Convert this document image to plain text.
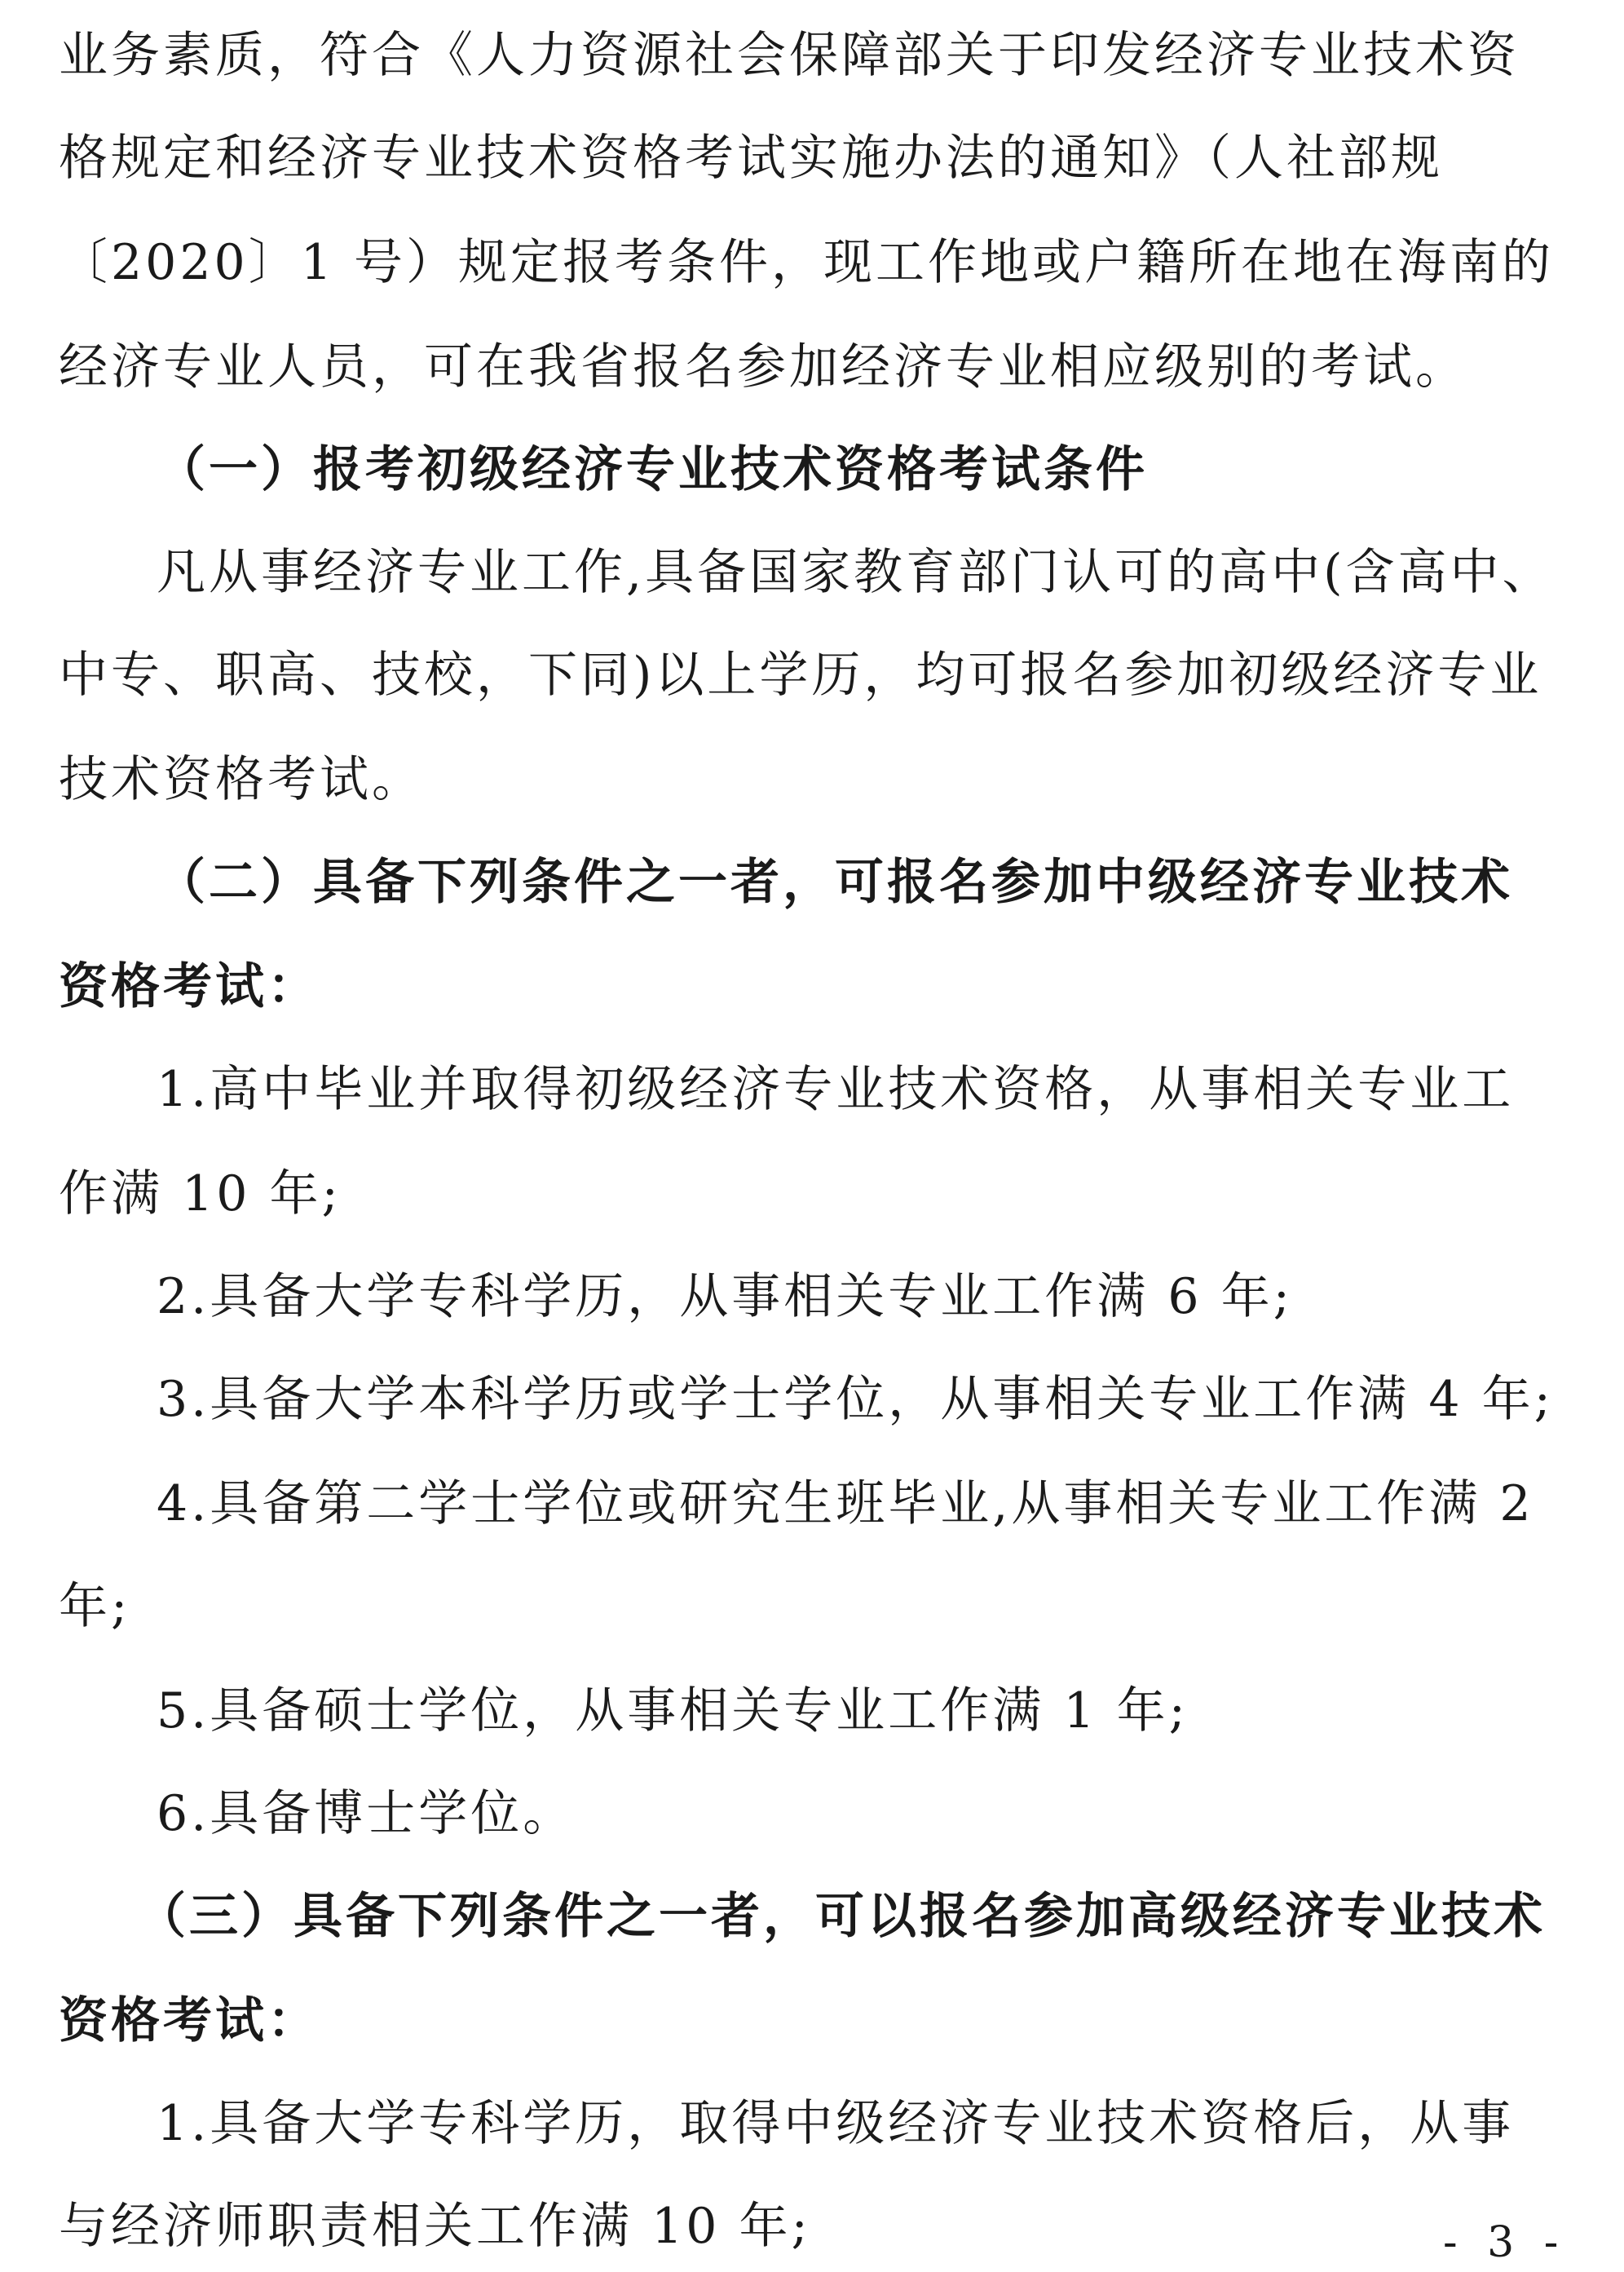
业务素质，符合《人力资源社会保障部关于印发经济专业技术资
格规定和经济专业技术资格考试实施办法的通知》（人社部规
〔2020〕1 号）规定报考条件，现工作地或户籍所在地在海南的
经济专业人员，可在我省报名参加经济专业相应级别的考试。
（一）报考初级经济专业技术资格考试条件
凡从事经济专业工作,具备国家教育部门认可的高中(含高中、
中专、职高、技校，下同)以上学历，均可报名参加初级经济专业
技术资格考试。
（二）具备下列条件之一者，可报名参加中级经济专业技术
资格考试：
1.高中毕业并取得初级经济专业技术资格，从事相关专业工
作满 10 年;
2.具备大学专科学历，从事相关专业工作满 6 年;
3.具备大学本科学历或学士学位，从事相关专业工作满 4 年;
4.具备第二学士学位或研究生班毕业,从事相关专业工作满 2
年;
5.具备硕士学位，从事相关专业工作满 1 年;
6.具备博士学位。
（三）具备下列条件之一者，可以报名参加高级经济专业技术
资格考试：
1.具备大学专科学历，取得中级经济专业技术资格后，从事
与经济师职责相关工作满 10 年;	- 3 -
